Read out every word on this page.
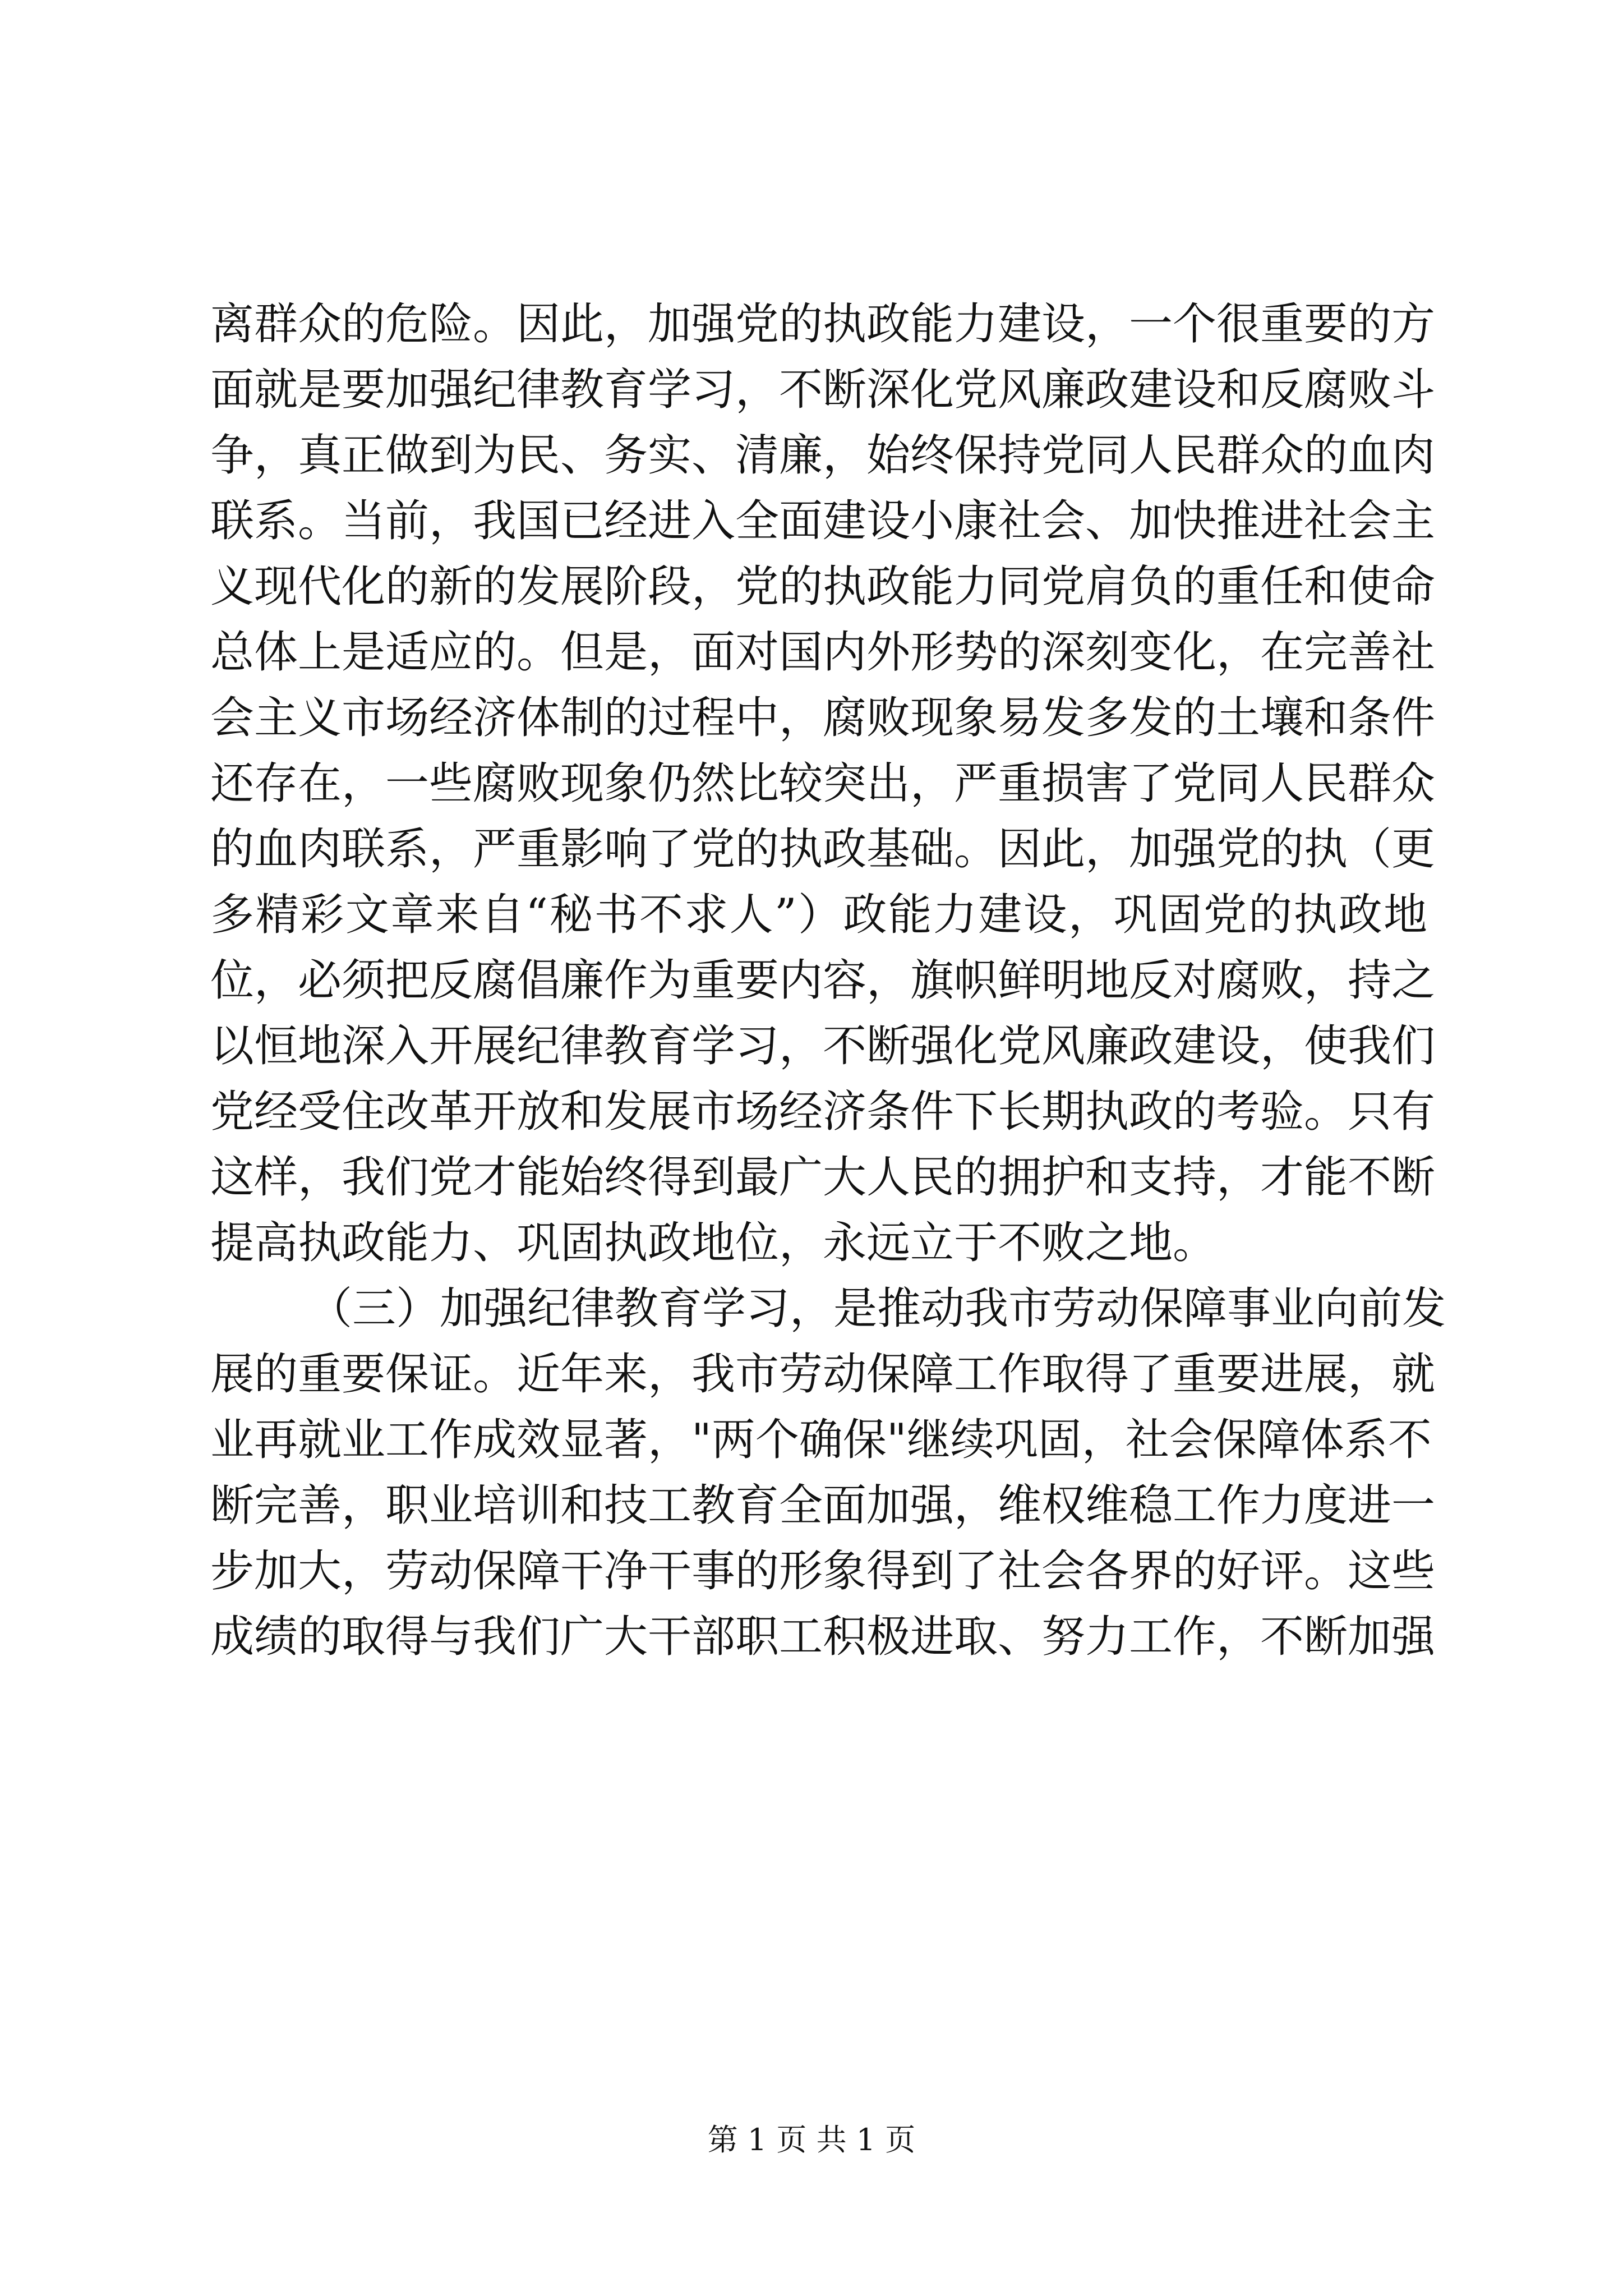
离群众的危险。因此，加强党的执政能力建设，一个很重要的方
面就是要加强纪律教育学习，不断深化党风廉政建设和反腐败斗
争，真正做到为民、务实、清廉，始终保持党同人民群众的血肉
联系。当前，我国已经进入全面建设小康社会、加快推进社会主
义现代化的新的发展阶段，党的执政能力同党肩负的重任和使命
总体上是适应的。但是，面对国内外形势的深刻变化，在完善社
会主义市场经济体制的过程中，腐败现象易发多发的土壤和条件
还存在，一些腐败现象仍然比较突出，严重损害了党同人民群众
的血肉联系，严重影响了党的执政基础。因此，加强党的执（更
多精彩文章来自“秘书不求人”）政能力建设，巩固党的执政地
位，必须把反腐倡廉作为重要内容，旗帜鲜明地反对腐败，持之
以恒地深入开展纪律教育学习，不断强化党风廉政建设，使我们
党经受住改革开放和发展市场经济条件下长期执政的考验。只有
这样，我们党才能始终得到最广大人民的拥护和支持，才能不断
提高执政能力、巩固执政地位，永远立于不败之地。
（三）加强纪律教育学习，是推动我市劳动保障事业向前发
展的重要保证。近年来，我市劳动保障工作取得了重要进展，就
业再就业工作成效显著，"两个确保"继续巩固，社会保障体系不
断完善，职业培训和技工教育全面加强，维权维稳工作力度进一
步加大，劳动保障干净干事的形象得到了社会各界的好评。这些
成绩的取得与我们广大干部职工积极进取、努力工作，不断加强
第 1 页 共 1 页
